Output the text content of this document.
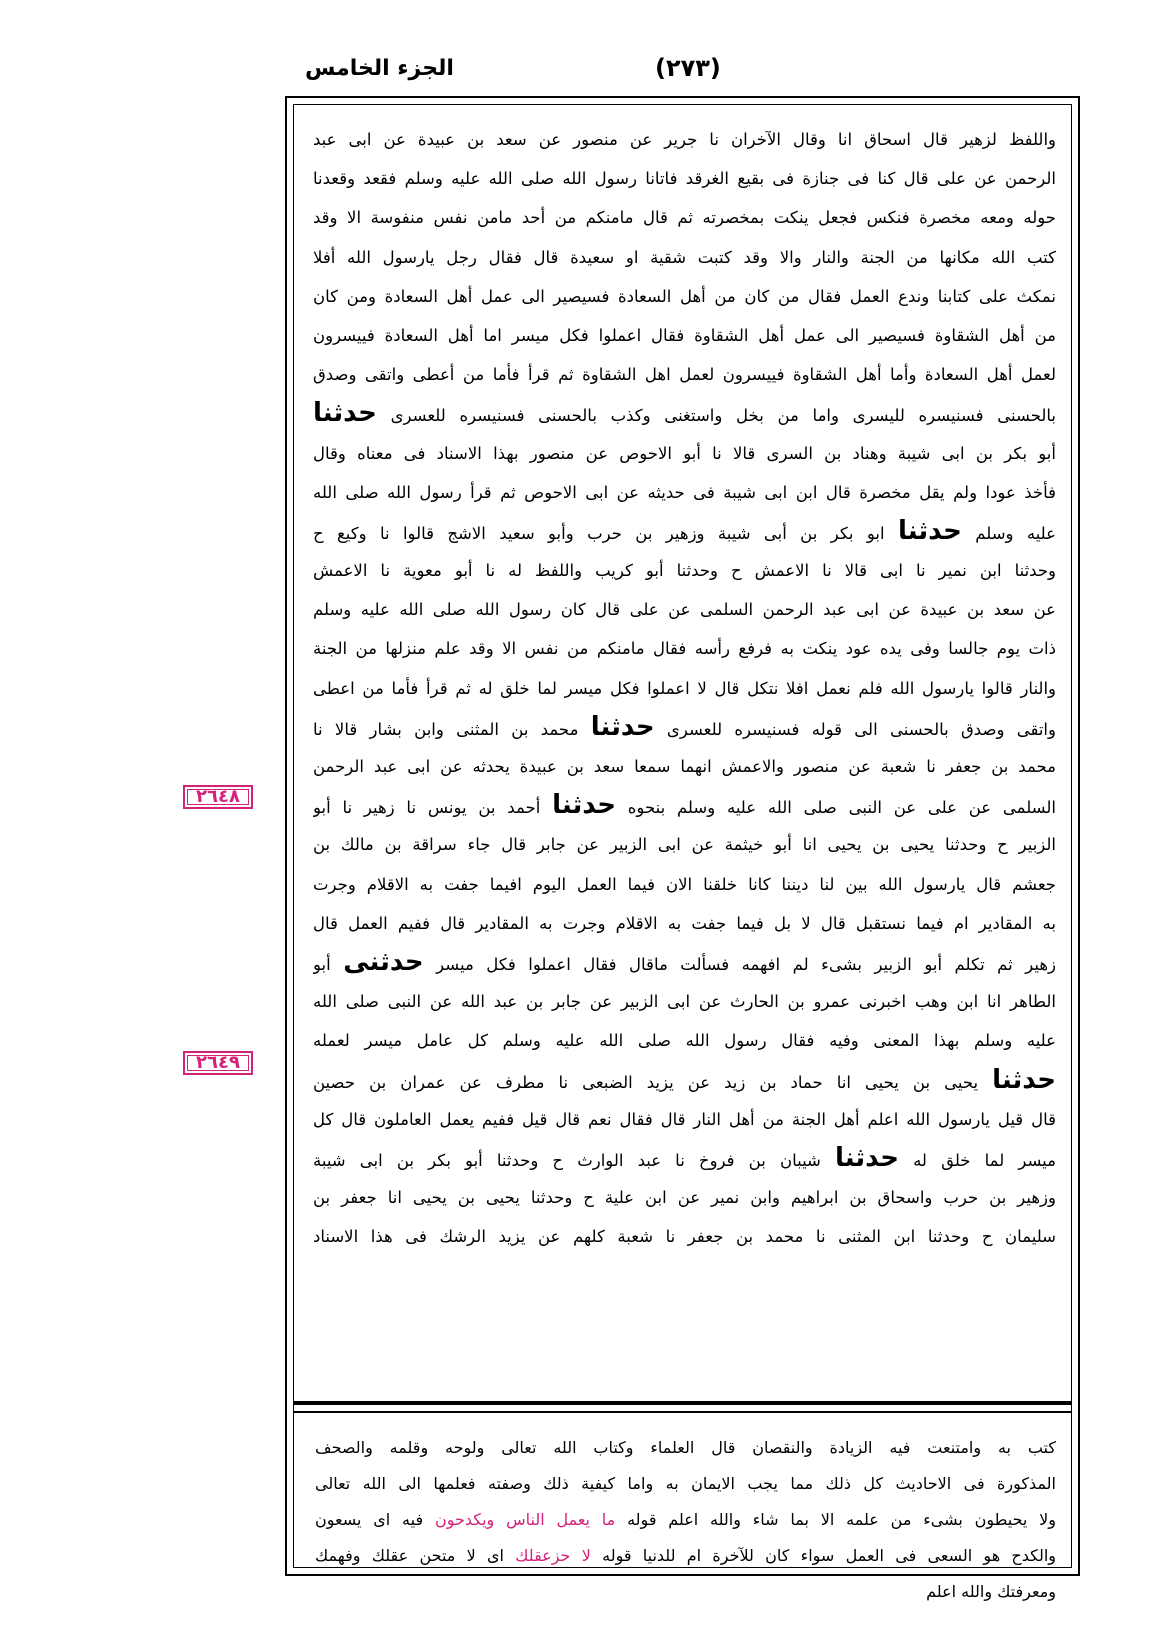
الجزء الخامس	(٢٧٣)
٢٦٤٨
٢٦٤٩
واللفظ لزهير قال اسحاق انا وقال الآخران نا جرير عن منصور عن سعد بن عبيدة عن ابى عبد
الرحمن عن على قال كنا فى جنازة فى بقيع الغرقد فاتانا رسول الله صلى الله عليه وسلم فقعد وقعدنا
حوله ومعه مخصرة فنكس فجعل ينكت بمخصرته ثم قال مامنكم من أحد مامن نفس منفوسة الا وقد
كتب الله مكانها من الجنة والنار والا وقد كتبت شقية او سعيدة قال فقال رجل يارسول الله أفلا
نمكث على كتابنا وندع العمل فقال من كان من أهل السعادة فسيصير الى عمل أهل السعادة ومن كان
من أهل الشقاوة فسيصير الى عمل أهل الشقاوة فقال اعملوا فكل ميسر اما أهل السعادة فييسرون
لعمل أهل السعادة وأما أهل الشقاوة فييسرون لعمل اهل الشقاوة ثم قرأ فأما من أعطى واتقى وصدق
بالحسنى فسنيسره لليسرى واما من بخل واستغنى وكذب بالحسنى فسنيسره للعسرى حدثنا
أبو بكر بن ابى شيبة وهناد بن السرى قالا نا أبو الاحوص عن منصور بهذا الاسناد فى معناه وقال
فأخذ عودا ولم يقل مخصرة قال ابن ابى شيبة فى حديثه عن ابى الاحوص ثم قرأ رسول الله صلى الله
عليه وسلم حدثنا ابو بكر بن أبى شيبة وزهير بن حرب وأبو سعيد الاشج قالوا نا وكيع ح
وحدثنا ابن نمير نا ابى قالا نا الاعمش ح وحدثنا أبو كريب واللفظ له نا أبو معوية نا الاعمش
عن سعد بن عبيدة عن ابى عبد الرحمن السلمى عن على قال كان رسول الله صلى الله عليه وسلم
ذات يوم جالسا وفى يده عود ينكت به فرفع رأسه فقال مامنكم من نفس الا وقد علم منزلها من الجنة
والنار قالوا يارسول الله فلم نعمل افلا نتكل قال لا اعملوا فكل ميسر لما خلق له ثم قرأ فأما من اعطى
واتقى وصدق بالحسنى الى قوله فسنيسره للعسرى حدثنا محمد بن المثنى وابن بشار قالا نا
محمد بن جعفر نا شعبة عن منصور والاعمش انهما سمعا سعد بن عبيدة يحدثه عن ابى عبد الرحمن
السلمى عن على عن النبى صلى الله عليه وسلم بنحوه حدثنا أحمد بن يونس نا زهير نا أبو
الزبير ح وحدثنا يحيى بن يحيى انا أبو خيثمة عن ابى الزبير عن جابر قال جاء سراقة بن مالك بن
جعشم قال يارسول الله بين لنا ديننا كانا خلقنا الان فيما العمل اليوم افيما جفت به الاقلام وجرت
به المقادير ام فيما نستقبل قال لا بل فيما جفت به الاقلام وجرت به المقادير قال ففيم العمل قال
زهير ثم تكلم أبو الزبير بشىء لم افهمه فسألت ماقال فقال اعملوا فكل ميسر حدثنى أبو
الطاهر انا ابن وهب اخبرنى عمرو بن الحارث عن ابى الزبير عن جابر بن عبد الله عن النبى صلى الله
عليه وسلم بهذا المعنى وفيه فقال رسول الله صلى الله عليه وسلم كل عامل ميسر لعمله
حدثنا يحيى بن يحيى انا حماد بن زيد عن يزيد الضبعى نا مطرف عن عمران بن حصين
قال قيل يارسول الله اعلم أهل الجنة من أهل النار قال فقال نعم قال قيل ففيم يعمل العاملون قال كل
ميسر لما خلق له حدثنا شيبان بن فروخ نا عبد الوارث ح وحدثنا أبو بكر بن ابى شيبة
وزهير بن حرب واسحاق بن ابراهيم وابن نمير عن ابن علية ح وحدثنا يحيى بن يحيى انا جعفر بن
سليمان ح وحدثنا ابن المثنى نا محمد بن جعفر نا شعبة كلهم عن يزيد الرشك فى هذا الاسناد
كتب به وامتنعت فيه الزيادة والنقصان قال العلماء وكتاب الله تعالى ولوحه وقلمه والصحف
المذكورة فى الاحاديث كل ذلك مما يجب الايمان به واما كيفية ذلك وصفته فعلمها الى الله تعالى
ولا يحيطون بشىء من علمه الا بما شاء والله اعلم قوله ما يعمل الناس ويكدحون فيه اى يسعون
والكدح هو السعى فى العمل سواء كان للآخرة ام للدنيا قوله لا حزعقلك اى لا متحن عقلك وفهمك
ومعرفتك والله اعلم
